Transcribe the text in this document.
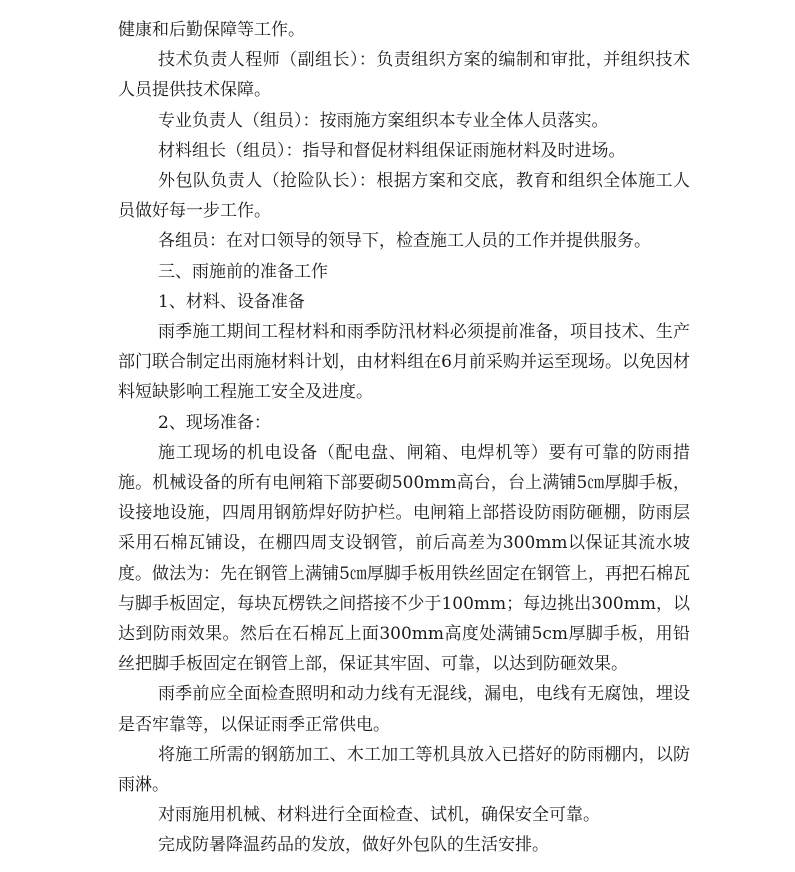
健康和后勤保障等工作。

技术负责人程师（副组长）：负责组织方案的编制和审批，并组织技术人员提供技术保障。

专业负责人（组员）：按雨施方案组织本专业全体人员落实。

材料组长（组员）：指导和督促材料组保证雨施材料及时进场。

外包队负责人（抢险队长）：根据方案和交底，教育和组织全体施工人员做好每一步工作。

各组员：在对口领导的领导下，检查施工人员的工作并提供服务。

三、雨施前的准备工作

1、材料、设备准备

雨季施工期间工程材料和雨季防汛材料必须提前准备，项目技术、生产部门联合制定出雨施材料计划，由材料组在6月前采购并运至现场。以免因材料短缺影响工程施工安全及进度。

2、现场准备：

施工现场的机电设备（配电盘、闸箱、电焊机等）要有可靠的防雨措施。机械设备的所有电闸箱下部要砌500mm高台，台上满铺5㎝厚脚手板，设接地设施，四周用钢筋焊好防护栏。电闸箱上部搭设防雨防砸棚，防雨层采用石棉瓦铺设，在棚四周支设钢管，前后高差为300mm以保证其流水坡度。做法为：先在钢管上满铺5㎝厚脚手板用铁丝固定在钢管上，再把石棉瓦与脚手板固定，每块瓦楞铁之间搭接不少于100mm；每边挑出300mm，以达到防雨效果。然后在石棉瓦上面300mm高度处满铺5cm厚脚手板，用铅丝把脚手板固定在钢管上部，保证其牢固、可靠，以达到防砸效果。

雨季前应全面检查照明和动力线有无混线，漏电，电线有无腐蚀，埋设是否牢靠等，以保证雨季正常供电。

将施工所需的钢筋加工、木工加工等机具放入已搭好的防雨棚内，以防雨淋。

对雨施用机械、材料进行全面检查、试机，确保安全可靠。

完成防暑降温药品的发放，做好外包队的生活安排。
